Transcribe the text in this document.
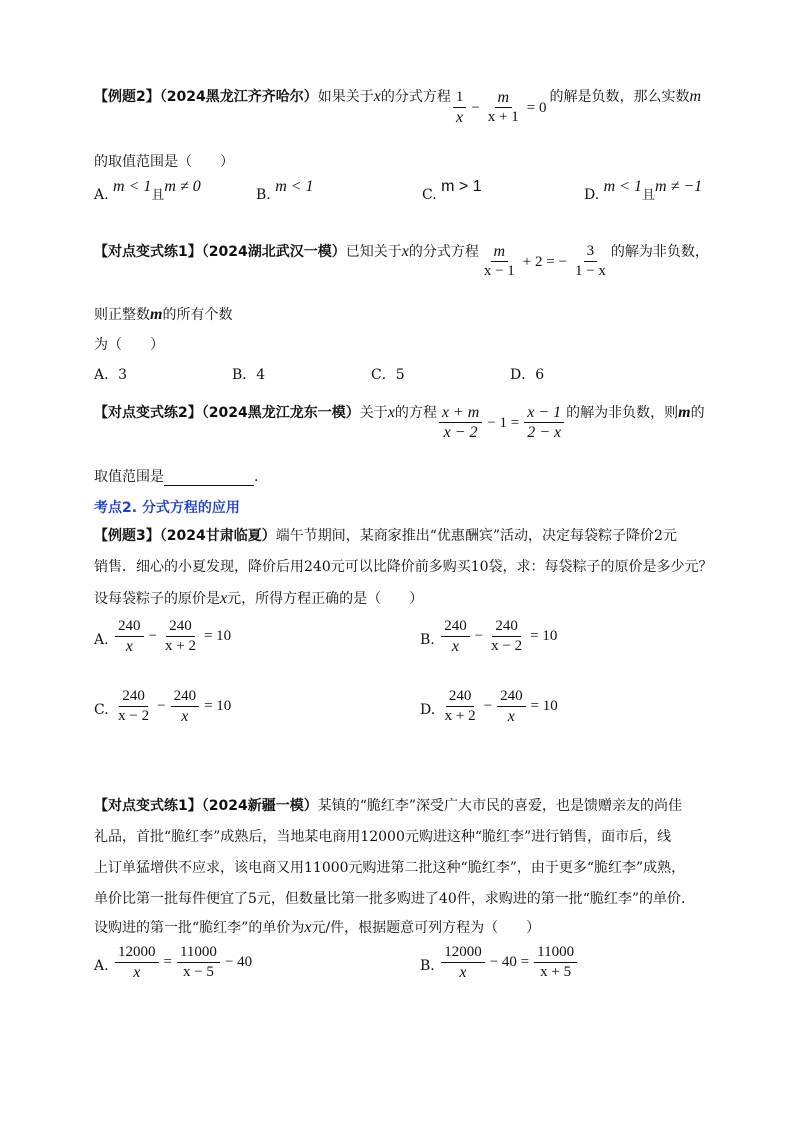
【例题2】（2024黑龙江齐齐哈尔）如果关于x的分式方程 $\frac{1}{x} - \frac{m}{x + 1} = 0$
的解是负数，那么实数m
的取值范围是（　　）
A. m < 1且m ≠ 0	B. m < 1	C. m > 1	D. m < 1且m ≠ −1
【对点变式练1】（2024湖北武汉一模）已知关于x的分式方程 $\frac{m}{x - 1} + 2$ = − $\frac{3}{1 - x}$ 的解为非负数，
则正整数m的所有个数
为（　　）
A．3	B．4	C．5	D．6
【对点变式练2】（2024黑龙江龙东一模）关于x的方程 $\frac{x + m}{x - 2} - 1 = \frac{x - 1}{2 - x}$ 的解为非负数，则m的
取值范围是	.
考点2. 分式方程的应用
【例题3】（2024甘肃临夏）端午节期间，某商家推出“优惠酬宾”活动，决定每袋粽子降价2元
销售．细心的小夏发现，降价后用240元可以比降价前多购买10袋，求：每袋粽子的原价是多少元？
设每袋粽子的原价是x元，所得方程正确的是（　　）
A. $\frac{240}{x} - \frac{240}{x + 2} = 10$	B. $\frac{240}{x} - \frac{240}{x - 2} = 10$
C. $\frac{240}{x - 2} - \frac{240}{x} = 10$	D. $\frac{240}{x + 2} - \frac{240}{x} = 10$
【对点变式练1】（2024新疆一模）某镇的“脆红李”深受广大市民的喜爱，也是馈赠亲友的尚佳
礼品，首批“脆红李”成熟后，当地某电商用12000元购进这种“脆红李”进行销售，面市后，线
上订单猛增供不应求，该电商又用11000元购进第二批这种“脆红李”，由于更多“脆红李”成熟，
单价比第一批每件便宜了5元，但数量比第一批多购进了40件，求购进的第一批“脆红李”的单价．
设购进的第一批“脆红李”的单价为x元/件，根据题意可列方程为（　　）
A. $\frac{12000}{x} = \frac{11000}{x - 5} - 40$	B. $\frac{12000}{x} - 40 = \frac{11000}{x + 5}$
